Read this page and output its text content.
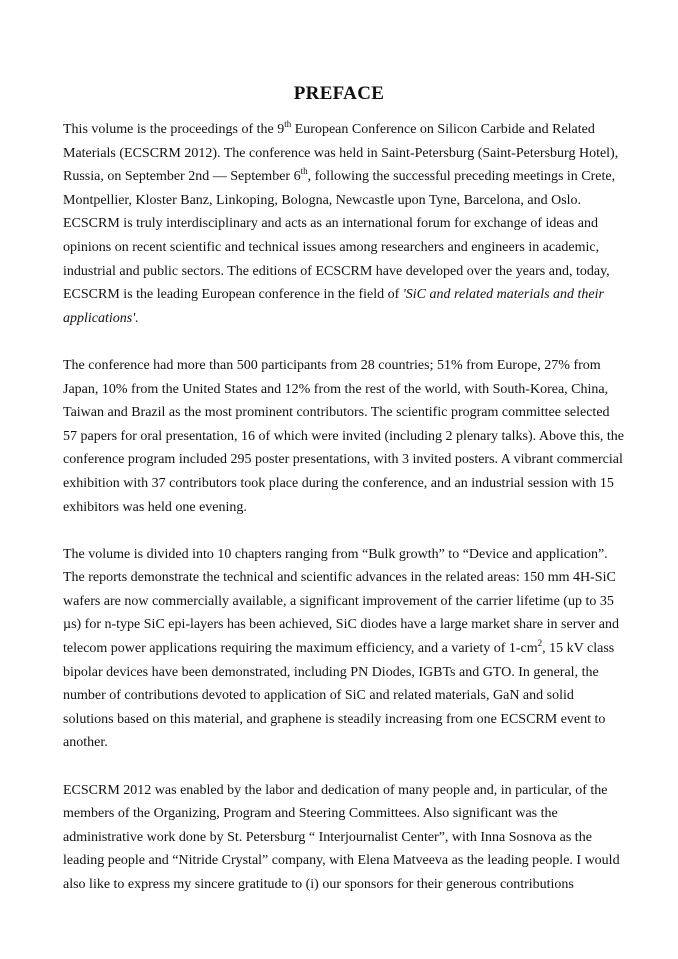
PREFACE
This volume is the proceedings of the 9th European Conference on Silicon Carbide and Related
Materials (ECSCRM 2012). The conference was held in Saint-Petersburg (Saint-Petersburg Hotel),
Russia, on September 2nd — September 6th, following the successful preceding meetings in Crete,
Montpellier, Kloster Banz, Linkoping, Bologna, Newcastle upon Tyne, Barcelona, and Oslo.
ECSCRM is truly interdisciplinary and acts as an international forum for exchange of ideas and
opinions on recent scientific and technical issues among researchers and engineers in academic,
industrial and public sectors. The editions of ECSCRM have developed over the years and, today,
ECSCRM is the leading European conference in the field of 'SiC and related materials and their
applications'.
The conference had more than 500 participants from 28 countries; 51% from Europe, 27% from
Japan, 10% from the United States and 12% from the rest of the world, with South-Korea, China,
Taiwan and Brazil as the most prominent contributors. The scientific program committee selected
57 papers for oral presentation, 16 of which were invited (including 2 plenary talks). Above this, the
conference program included 295 poster presentations, with 3 invited posters. A vibrant commercial
exhibition with 37 contributors took place during the conference, and an industrial session with 15
exhibitors was held one evening.
The volume is divided into 10 chapters ranging from “Bulk growth” to “Device and application”.
The reports demonstrate the technical and scientific advances in the related areas: 150 mm 4H-SiC
wafers are now commercially available, a significant improvement of the carrier lifetime (up to 35
µs) for n-type SiC epi-layers has been achieved, SiC diodes have a large market share in server and
telecom power applications requiring the maximum efficiency, and a variety of $1-cm^2$, 15 kV class
bipolar devices have been demonstrated, including PN Diodes, IGBTs and GTO. In general, the
number of contributions devoted to application of SiC and related materials, GaN and solid
solutions based on this material, and graphene is steadily increasing from one ECSCRM event to
another.
ECSCRM 2012 was enabled by the labor and dedication of many people and, in particular, of the
members of the Organizing, Program and Steering Committees. Also significant was the
administrative work done by St. Petersburg “ Interjournalist Center”, with Inna Sosnova as the
leading people and “Nitride Crystal” company, with Elena Matveeva as the leading people. I would
also like to express my sincere gratitude to (i) our sponsors for their generous contributions
